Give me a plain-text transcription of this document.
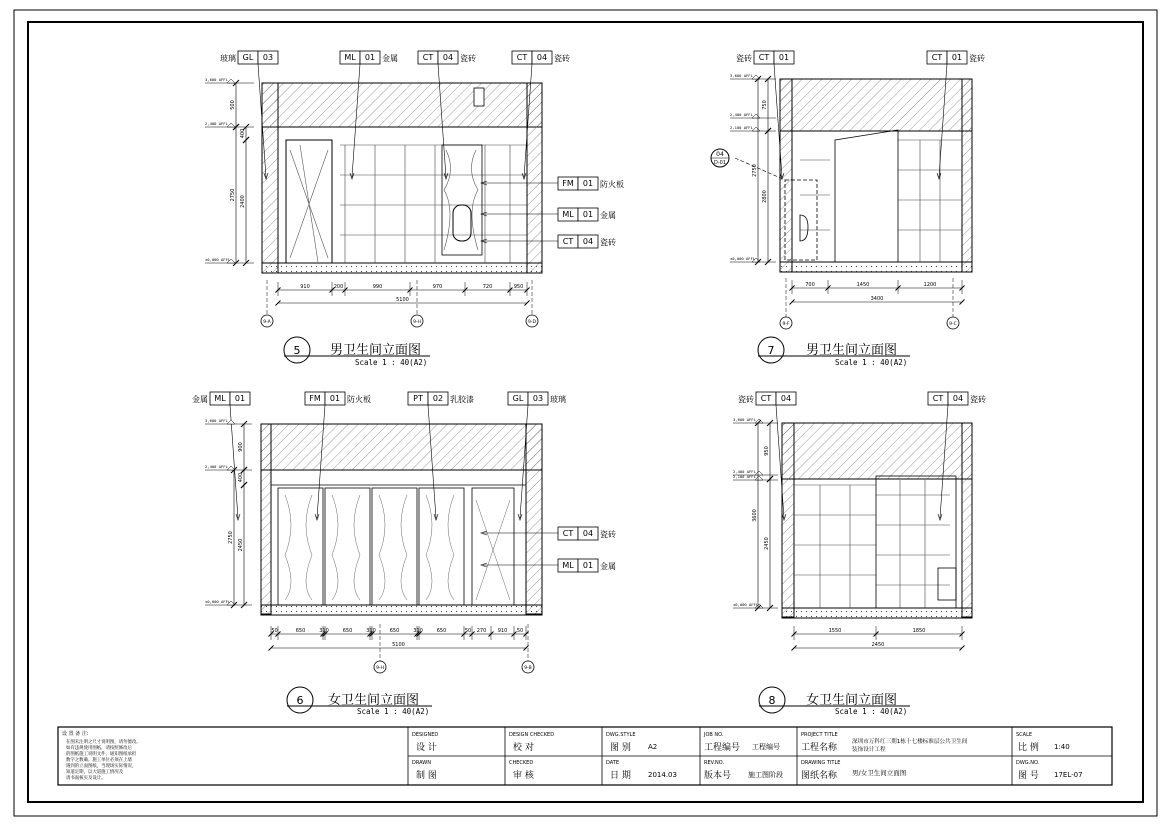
04
D-01
玻璃 GL 03	ML 01 金属	CT 04 瓷砖	CT 04 瓷砖
FM 01 防火板
ML 01 金属
CT 04 瓷砖
3,600 AFFL
2,400 AFFL
±0,000 AFFL
500
400
2750
2400
910	200	990	970	720	950
5100
9-A	9-H	9-D
5 男卫生间立面图
Scale 1 : 40(A2)
瓷砖 CT 01	CT 01 瓷砖
3,600 AFFL
2,400 AFFL
2,100 AFFL
±0,000 AFFL
750
2750
2800
700	1450	1200
3400
9-F	9-C
7 男卫生间立面图
Scale 1 : 40(A2)
金属 ML 01	FM 01 防火板	PT 02 乳胶漆	GL 03 玻璃
CT 04 瓷砖
ML 01 金属
3,600 AFFL
2,400 AFFL
±0,000 AFFL
900
400
2750
2450
50	650	310	650	310	650	310	650	50 270 910 50
5100
9-H	9-B
6 女卫生间立面图
Scale 1 : 40(A2)
瓷砖 CT 04	CT 04 瓷砖
3,600 AFFL
2,400 AFFL
2,100 AFFL
±0,000 AFFL
950
3600
2450
1550	1850
2450
8 女卫生间立面图
Scale 1 : 40(A2)
设 置 备 注:
在图未注明之尺寸说明图，请勿擅改。
如有违规使用图纸，请按照修改后
的图纸施工说明文件，通知图纸承担
数字之数确。施工单位必须在上墙
遇到的立面图纸，当现场实际情况，
知道定期，以大道施工情况及
请书面核实及设计。
DESIGNED
设 计
DRAWN
制 图
DESIGN CHECKED
校 对
CHECKED
审 核
DWG.STYLE
图 别 A2
DATE
日 期 2014.03
JOB NO.
工程编号 工程编号
REV.NO.
版本号 施工图阶段
PROJECT TITLE
工程名称
深圳市万科红三期1栋十七楼标准层公共卫生间
装饰设计工程
DRAWING TITLE
图纸名称 男/女卫生间立面图
SCALE
比 例 1:40
DWG.NO.
图 号 17EL-07
